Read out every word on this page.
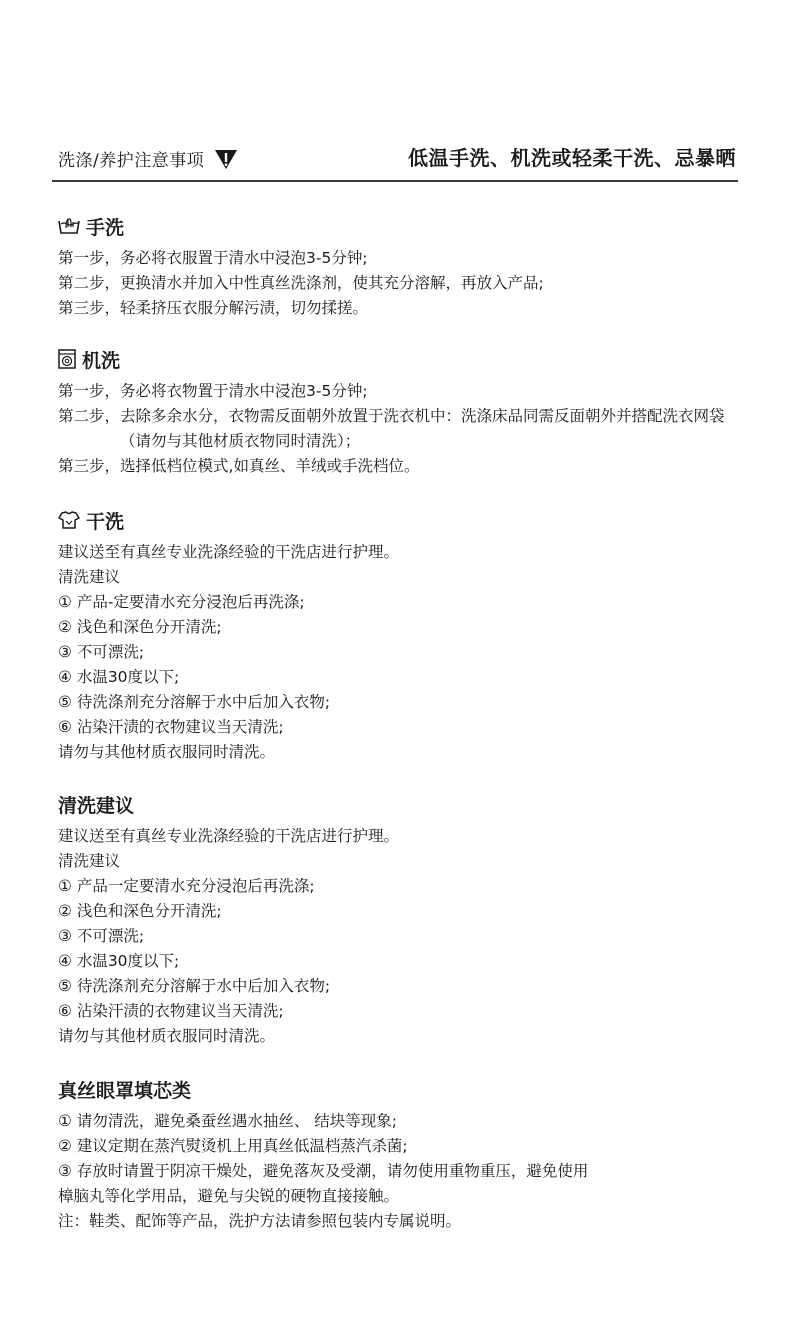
洗涤/养护注意事项	低温手洗、机洗或轻柔干洗、忌暴晒
手洗
第一步， 务必将衣服置于清水中浸泡3-5分钟;
第二步， 更换清水并加入中性真丝洗涤剂，使其充分溶解，再放入产品;
第三步， 轻柔挤压衣服分解污渍，切勿揉搓。
机洗
第一步， 务必将衣物置于清水中浸泡3-5分钟;
第二步， 去除多余水分，衣物需反面朝外放置于洗衣机中：洗涤床品同需反面朝外并搭配洗衣网袋（请勿与其他材质衣物同时清洗）；
第三步， 选择低档位模式,如真丝、羊绒或手洗档位。
干洗
建议送至有真丝专业洗涤经验的干洗店进行护理。
清洗建议
① 产品-定要清水充分浸泡后再洗涤;
② 浅色和深色分开清洗;
③ 不可漂洗;
④ 水温30度以下;
⑤ 待洗涤剂充分溶解于水中后加入衣物;
⑥ 沾染汗渍的衣物建议当天清洗;
请勿与其他材质衣服同时清洗。
清洗建议
建议送至有真丝专业洗涤经验的干洗店进行护理。
清洗建议
① 产品一定要清水充分浸泡后再洗涤;
② 浅色和深色分开清洗;
③ 不可漂洗;
④ 水温30度以下;
⑤ 待洗涤剂充分溶解于水中后加入衣物;
⑥ 沾染汗渍的衣物建议当天清洗;
请勿与其他材质衣服同时清洗。
真丝眼罩填芯类
① 请勿清洗，避免桑蚕丝遇水抽丝、 结块等现象;
② 建议定期在蒸汽熨烫机上用真丝低温档蒸汽杀菌;
③ 存放时请置于阴凉干燥处，避免落灰及受潮，请勿使用重物重压，避免使用
樟脑丸等化学用品，避免与尖锐的硬物直接接触。
注：鞋类、配饰等产品，洗护方法请参照包装内专属说明。
